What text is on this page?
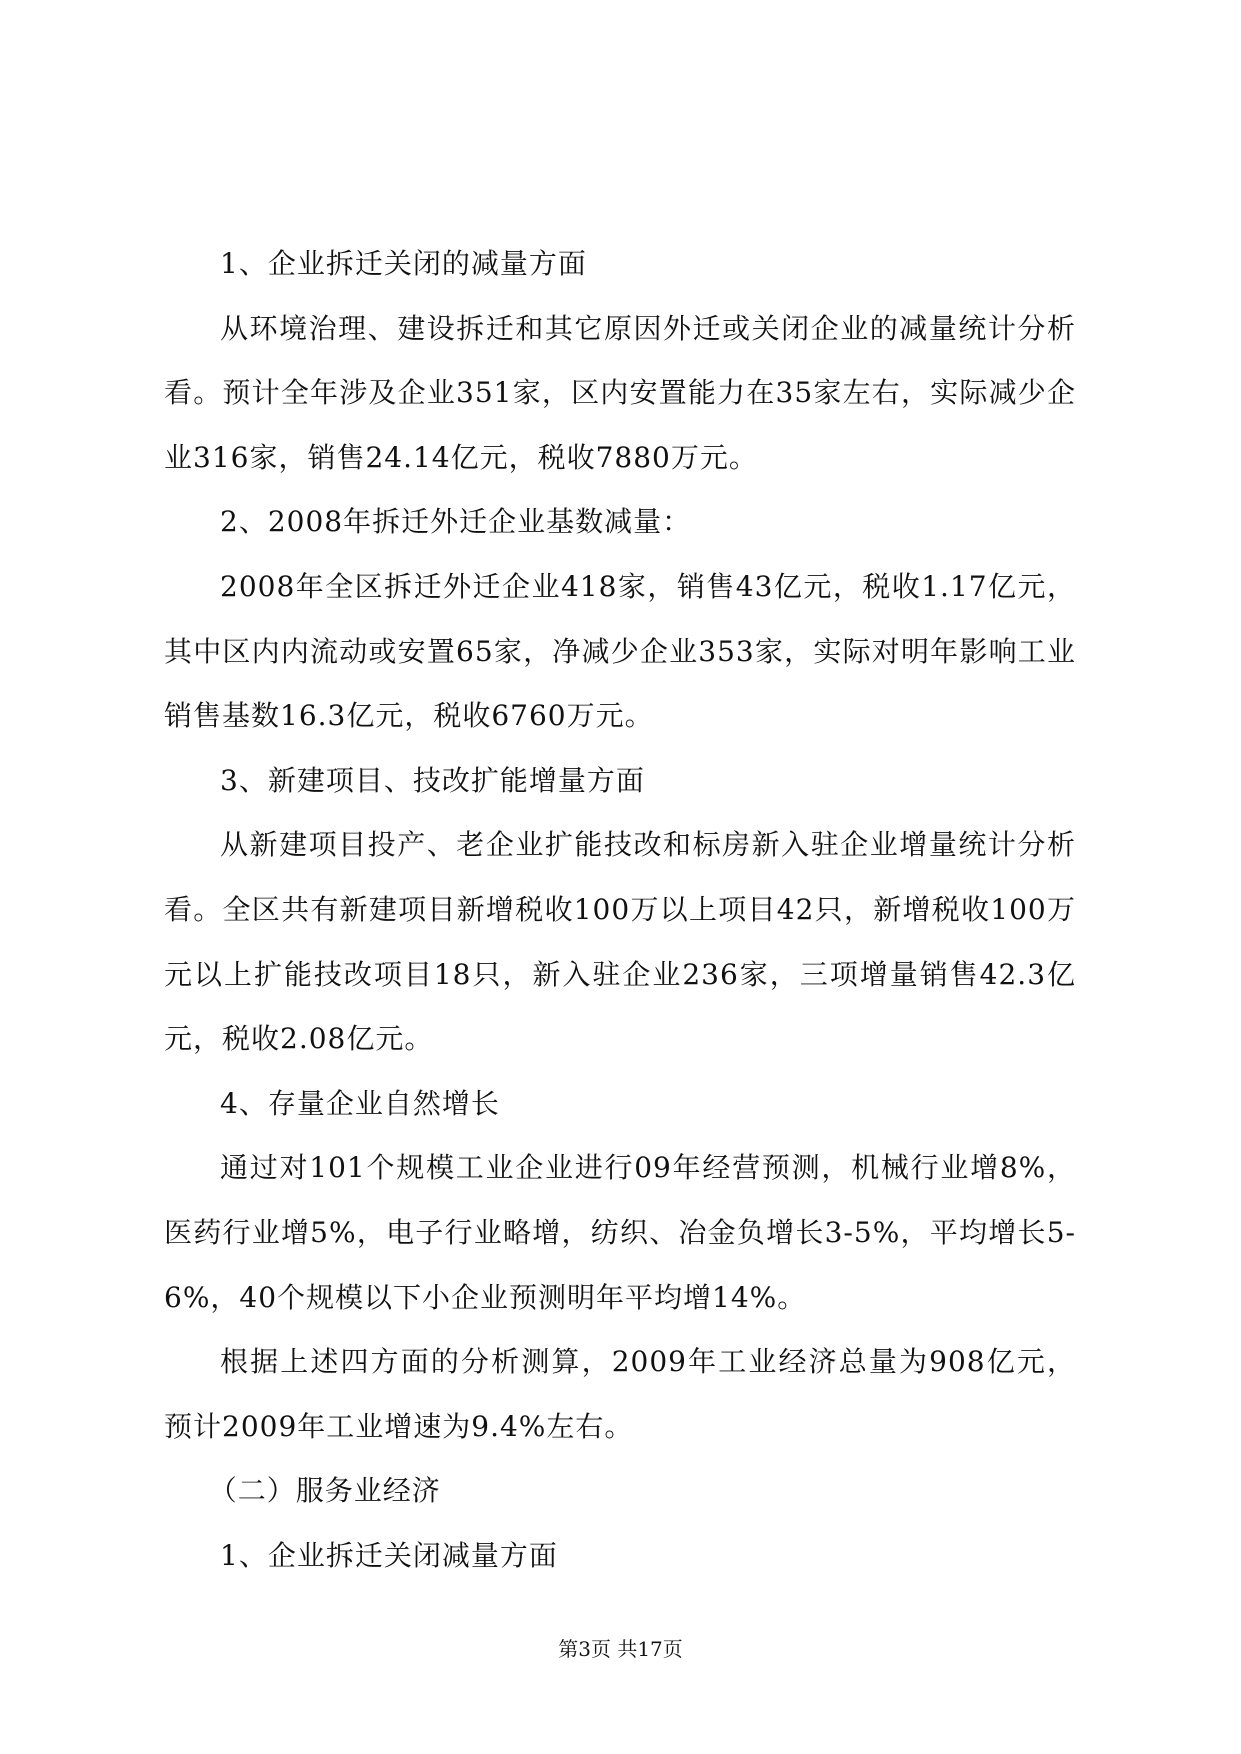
1、企业拆迁关闭的减量方面

从环境治理、建设拆迁和其它原因外迁或关闭企业的减量统计分析看。预计全年涉及企业351家，区内安置能力在35家左右，实际减少企业316家，销售24.14亿元，税收7880万元。

2、2008年拆迁外迁企业基数减量：

2008年全区拆迁外迁企业418家，销售43亿元，税收1.17亿元，其中区内内流动或安置65家，净减少企业353家，实际对明年影响工业销售基数16.3亿元，税收6760万元。

3、新建项目、技改扩能增量方面

从新建项目投产、老企业扩能技改和标房新入驻企业增量统计分析看。全区共有新建项目新增税收100万以上项目42只，新增税收100万元以上扩能技改项目18只，新入驻企业236家，三项增量销售42.3亿元，税收2.08亿元。

4、存量企业自然增长

通过对101个规模工业企业进行09年经营预测，机械行业增8%，医药行业增5%，电子行业略增，纺织、冶金负增长3-5%，平均增长5-6%，40个规模以下小企业预测明年平均增14%。

根据上述四方面的分析测算，2009年工业经济总量为908亿元，预计2009年工业增速为9.4%左右。

（二）服务业经济

1、企业拆迁关闭减量方面

第3页 共17页
